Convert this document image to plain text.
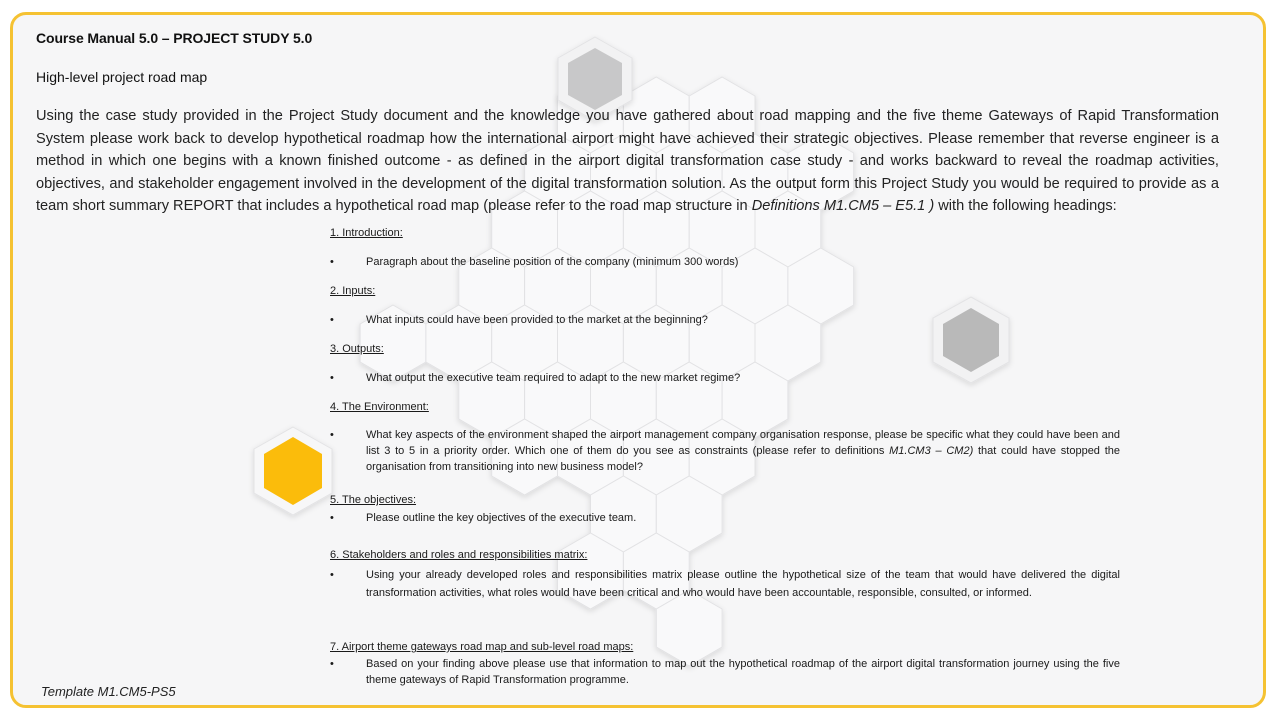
Course Manual 5.0 – PROJECT STUDY 5.0
High-level project road map
Using the case study provided in the Project Study document and the knowledge you have gathered about road mapping and the five theme Gateways of Rapid Transformation System please work back to develop hypothetical roadmap how the international airport might have achieved their strategic objectives. Please remember that reverse engineer is a method in which one begins with a known finished outcome - as defined in the airport digital transformation case study - and works backward to reveal the roadmap activities, objectives, and stakeholder engagement involved in the development of the digital transformation solution. As the output form this Project Study you would be required to provide as a team short summary REPORT that includes a hypothetical road map (please refer to the road map structure in Definitions M1.CM5 – E5.1 ) with the following headings:
1. Introduction:
•	Paragraph about the baseline position of the company (minimum 300 words)
2. Inputs:
•	What inputs could have been provided to the market at the beginning?
3. Outputs:
•	What output the executive team required to adapt to the new market regime?
4. The Environment:
•	What key aspects of the environment shaped the airport management company organisation response, please be specific what they could have been and list 3 to 5 in a priority order. Which one of them do you see as constraints (please refer to definitions M1.CM3 – CM2) that could have stopped the organisation from transitioning into new business model?
5. The objectives:
•	Please outline the key objectives of the executive team.
6. Stakeholders and roles and responsibilities matrix:
•	Using your already developed roles and responsibilities matrix please outline the hypothetical size of the team that would have delivered the digital transformation activities, what roles would have been critical and who would have been accountable, responsible, consulted, or informed.
7. Airport theme gateways road map and sub-level road maps:
•	Based on your finding above please use that information to map out the hypothetical roadmap of the airport digital transformation journey using the five theme gateways of Rapid Transformation programme.
Template M1.CM5-PS5
